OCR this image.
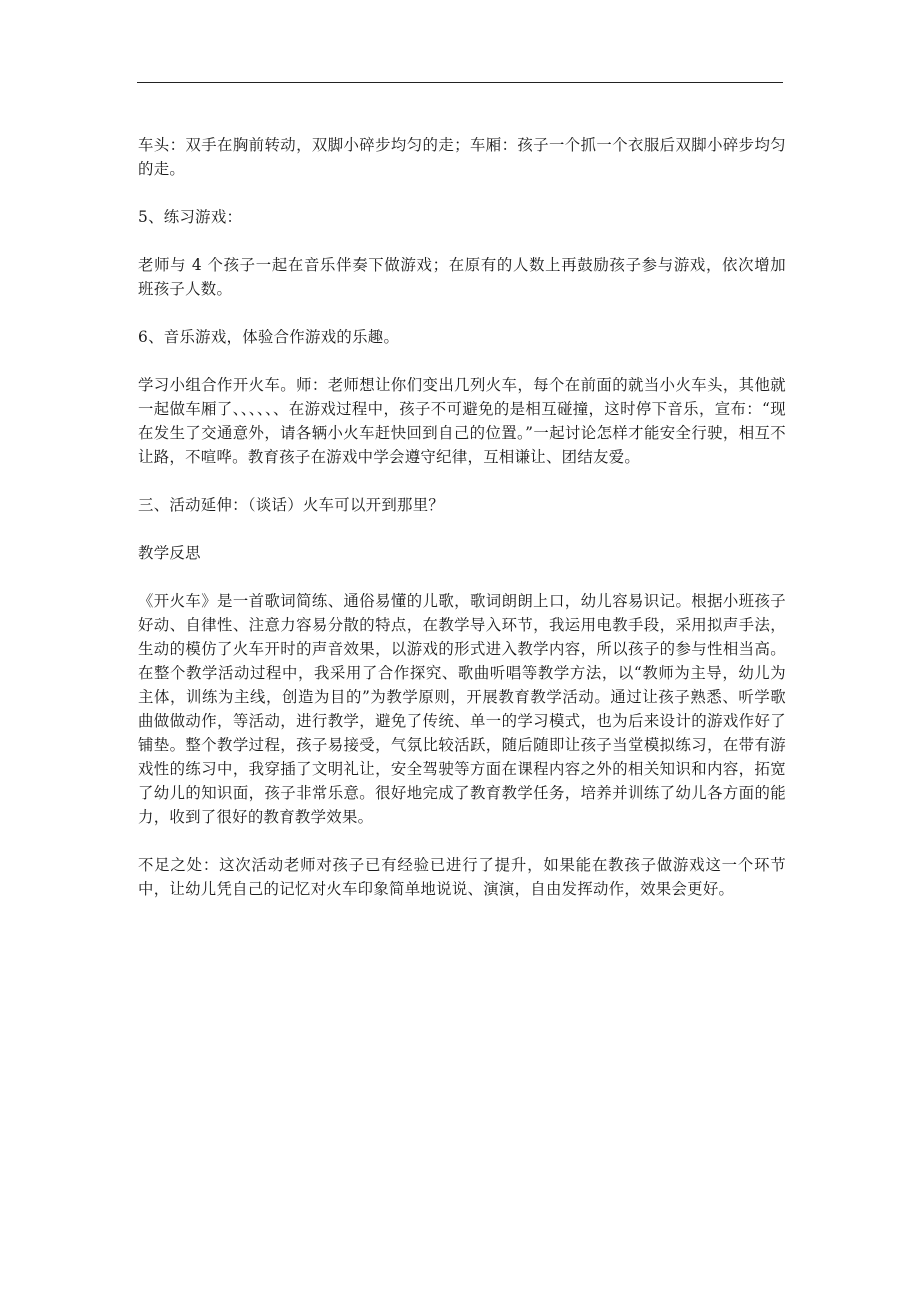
车头：双手在胸前转动，双脚小碎步均匀的走；车厢：孩子一个抓一个衣服后双脚小碎步均匀的走。

5、练习游戏：

老师与 4 个孩子一起在音乐伴奏下做游戏；在原有的人数上再鼓励孩子参与游戏，依次增加班孩子人数。

6、音乐游戏，体验合作游戏的乐趣。

学习小组合作开火车。师：老师想让你们变出几列火车，每个在前面的就当小火车头，其他就一起做车厢了、、、、、、在游戏过程中，孩子不可避免的是相互碰撞，这时停下音乐，宣布：“现在发生了交通意外，请各辆小火车赶快回到自己的位置。”一起讨论怎样才能安全行驶，相互不让路，不喧哗。教育孩子在游戏中学会遵守纪律，互相谦让、团结友爱。

三、活动延伸：（谈话）火车可以开到那里？

教学反思

《开火车》是一首歌词简练、通俗易懂的儿歌，歌词朗朗上口，幼儿容易识记。根据小班孩子好动、自律性、注意力容易分散的特点，在教学导入环节，我运用电教手段，采用拟声手法，生动的模仿了火车开时的声音效果，以游戏的形式进入教学内容，所以孩子的参与性相当高。在整个教学活动过程中，我采用了合作探究、歌曲听唱等教学方法，以“教师为主导，幼儿为主体，训练为主线，创造为目的”为教学原则，开展教育教学活动。通过让孩子熟悉、听学歌曲做做动作，等活动，进行教学，避免了传统、单一的学习模式，也为后来设计的游戏作好了铺垫。整个教学过程，孩子易接受，气氛比较活跃，随后随即让孩子当堂模拟练习，在带有游戏性的练习中，我穿插了文明礼让，安全驾驶等方面在课程内容之外的相关知识和内容，拓宽了幼儿的知识面，孩子非常乐意。很好地完成了教育教学任务，培养并训练了幼儿各方面的能力，收到了很好的教育教学效果。

不足之处：这次活动老师对孩子已有经验已进行了提升，如果能在教孩子做游戏这一个环节中，让幼儿凭自己的记忆对火车印象简单地说说、演演，自由发挥动作，效果会更好。
